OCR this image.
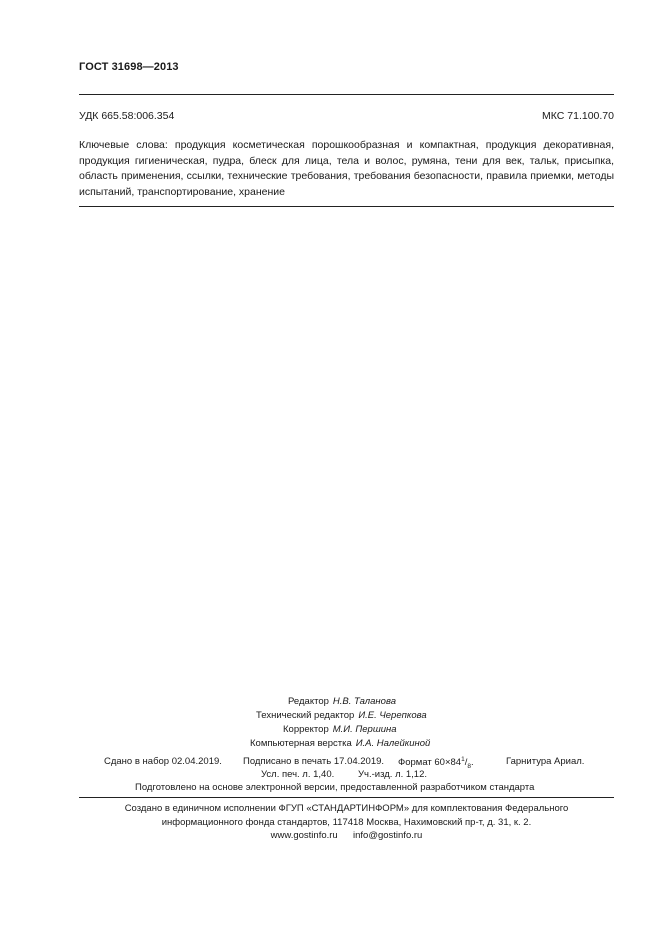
ГОСТ 31698—2013
УДК 665.58:006.354	МКС 71.100.70
Ключевые слова: продукция косметическая порошкообразная и компактная, продукция декоративная, продукция гигиеническая, пудра, блеск для лица, тела и волос, румяна, тени для век, тальк, присыпка, область применения, ссылки, технические требования, требования безопасности, правила приемки, методы испытаний, транспортирование, хранение
Редактор Н.В. Таланова
Технический редактор И.Е. Черепкова
Корректор М.И. Першина
Компьютерная верстка И.А. Налейкиной
Сдано в набор 02.04.2019. Подписано в печать 17.04.2019. Формат $60\times 84^1/_8$.	Гарнитура Ариал.
Усл. печ. л. 1,40. Уч.-изд. л. 1,12.
Подготовлено на основе электронной версии, предоставленной разработчиком стандарта
Создано в единичном исполнении ФГУП «СТАНДАРТИНФОРМ» для комплектования Федерального
информационного фонда стандартов, 117418 Москва, Нахимовский пр-т, д. 31, к. 2.
www.gostinfo.ru info@gostinfo.ru
